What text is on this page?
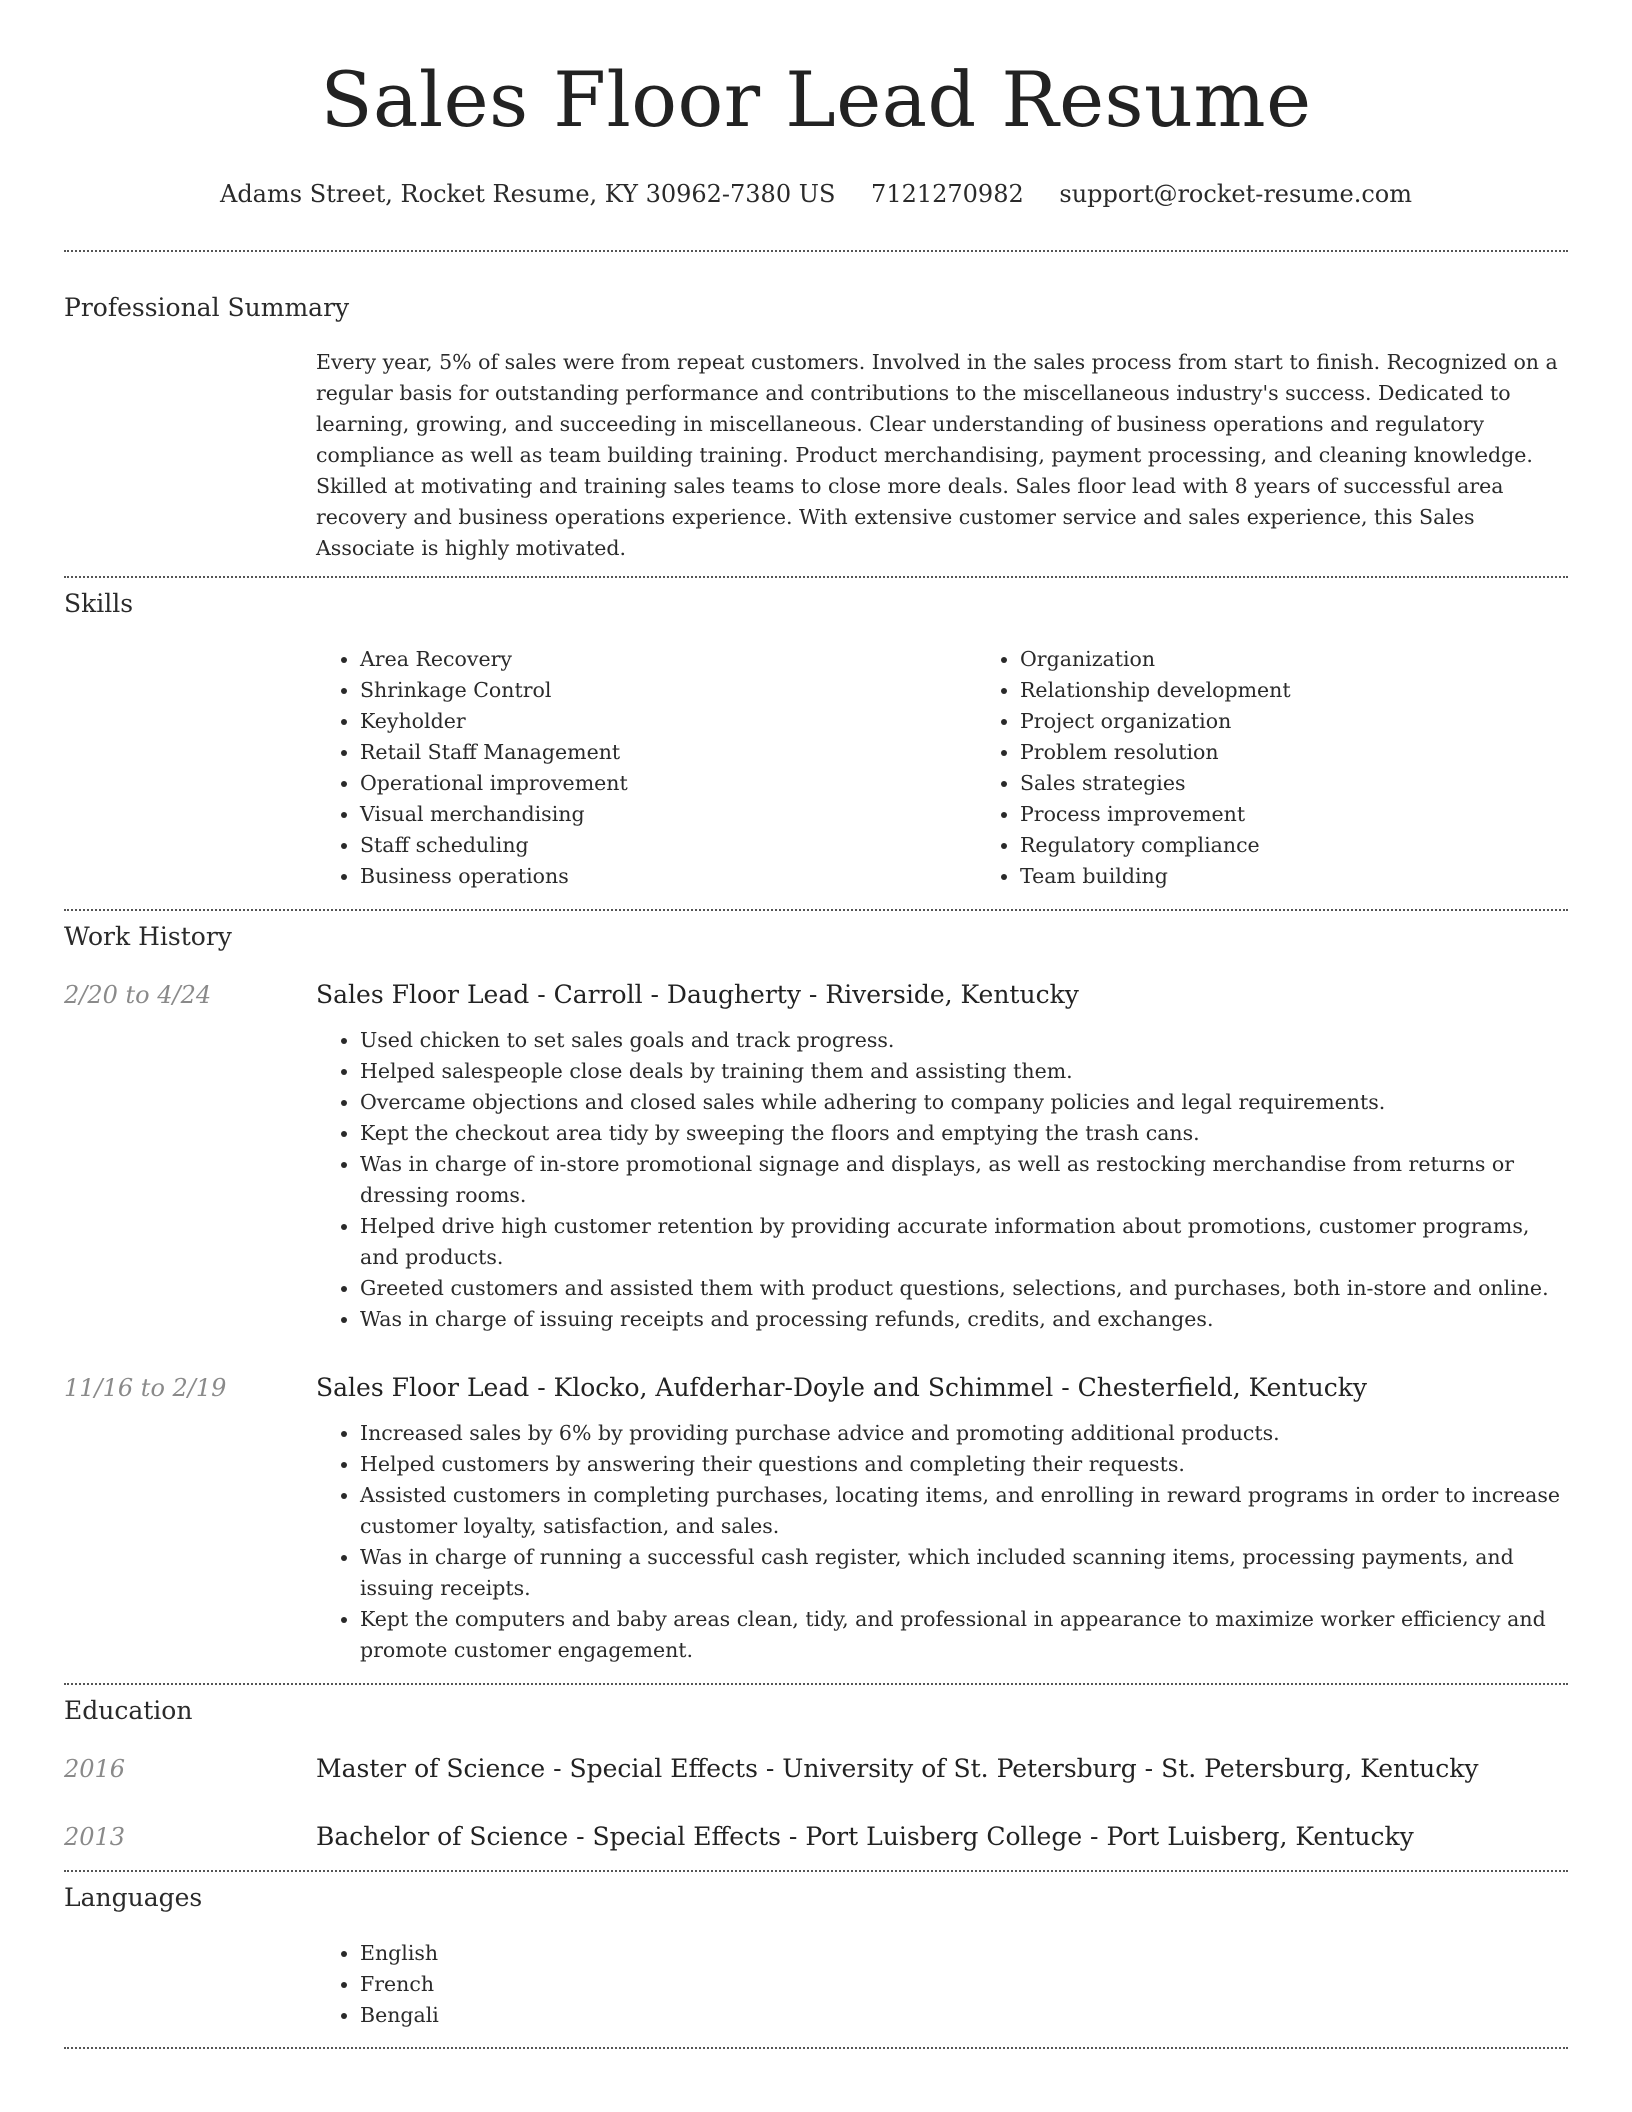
Sales Floor Lead Resume
Adams Street, Rocket Resume, KY 30962-7380 US 7121270982 support@rocket-resume.com
Professional Summary

Every year, 5% of sales were from repeat customers. Involved in the sales process from start to finish. Recognized on a regular basis for outstanding performance and contributions to the miscellaneous industry's success. Dedicated to learning, growing, and succeeding in miscellaneous. Clear understanding of business operations and regulatory compliance as well as team building training. Product merchandising, payment processing, and cleaning knowledge. Skilled at motivating and training sales teams to close more deals. Sales floor lead with 8 years of successful area recovery and business operations experience. With extensive customer service and sales experience, this Sales Associate is highly motivated.

Skills
• Area Recovery
• Shrinkage Control
• Keyholder
• Retail Staff Management
• Operational improvement
• Visual merchandising
• Staff scheduling
• Business operations
• Organization
• Relationship development
• Project organization
• Problem resolution
• Sales strategies
• Process improvement
• Regulatory compliance
• Team building
Work History
2/20 to 4/24	Sales Floor Lead - Carroll - Daugherty - Riverside, Kentucky
• Used chicken to set sales goals and track progress.
• Helped salespeople close deals by training them and assisting them.
• Overcame objections and closed sales while adhering to company policies and legal requirements.
• Kept the checkout area tidy by sweeping the floors and emptying the trash cans.
• Was in charge of in-store promotional signage and displays, as well as restocking merchandise from returns or dressing rooms.
• Helped drive high customer retention by providing accurate information about promotions, customer programs, and products.
• Greeted customers and assisted them with product questions, selections, and purchases, both in-store and online.
• Was in charge of issuing receipts and processing refunds, credits, and exchanges.
11/16 to 2/19	Sales Floor Lead - Klocko, Aufderhar-Doyle and Schimmel - Chesterfield, Kentucky
• Increased sales by 6% by providing purchase advice and promoting additional products.
• Helped customers by answering their questions and completing their requests.
• Assisted customers in completing purchases, locating items, and enrolling in reward programs in order to increase customer loyalty, satisfaction, and sales.
• Was in charge of running a successful cash register, which included scanning items, processing payments, and issuing receipts.
• Kept the computers and baby areas clean, tidy, and professional in appearance to maximize worker efficiency and promote customer engagement.
Education
2016	Master of Science - Special Effects - University of St. Petersburg - St. Petersburg, Kentucky
2013	Bachelor of Science - Special Effects - Port Luisberg College - Port Luisberg, Kentucky
Languages
• English
• French
• Bengali
